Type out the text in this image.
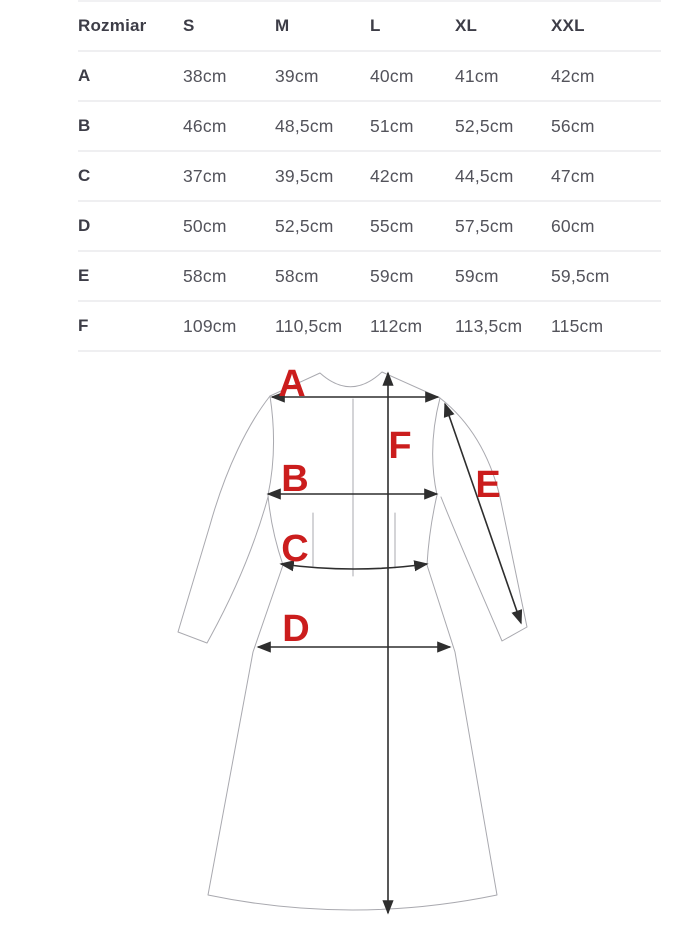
Rozmiar	S	M	L	XL	XXL
A	38cm	39cm	40cm	41cm	42cm
B	46cm	48,5cm	51cm	52,5cm	56cm
C	37cm	39,5cm	42cm	44,5cm	47cm
D	50cm	52,5cm	55cm	57,5cm	60cm
E	58cm	58cm	59cm	59cm	59,5cm
F	109cm	110,5cm	112cm	113,5cm	115cm
A
B
C
D
E
F
